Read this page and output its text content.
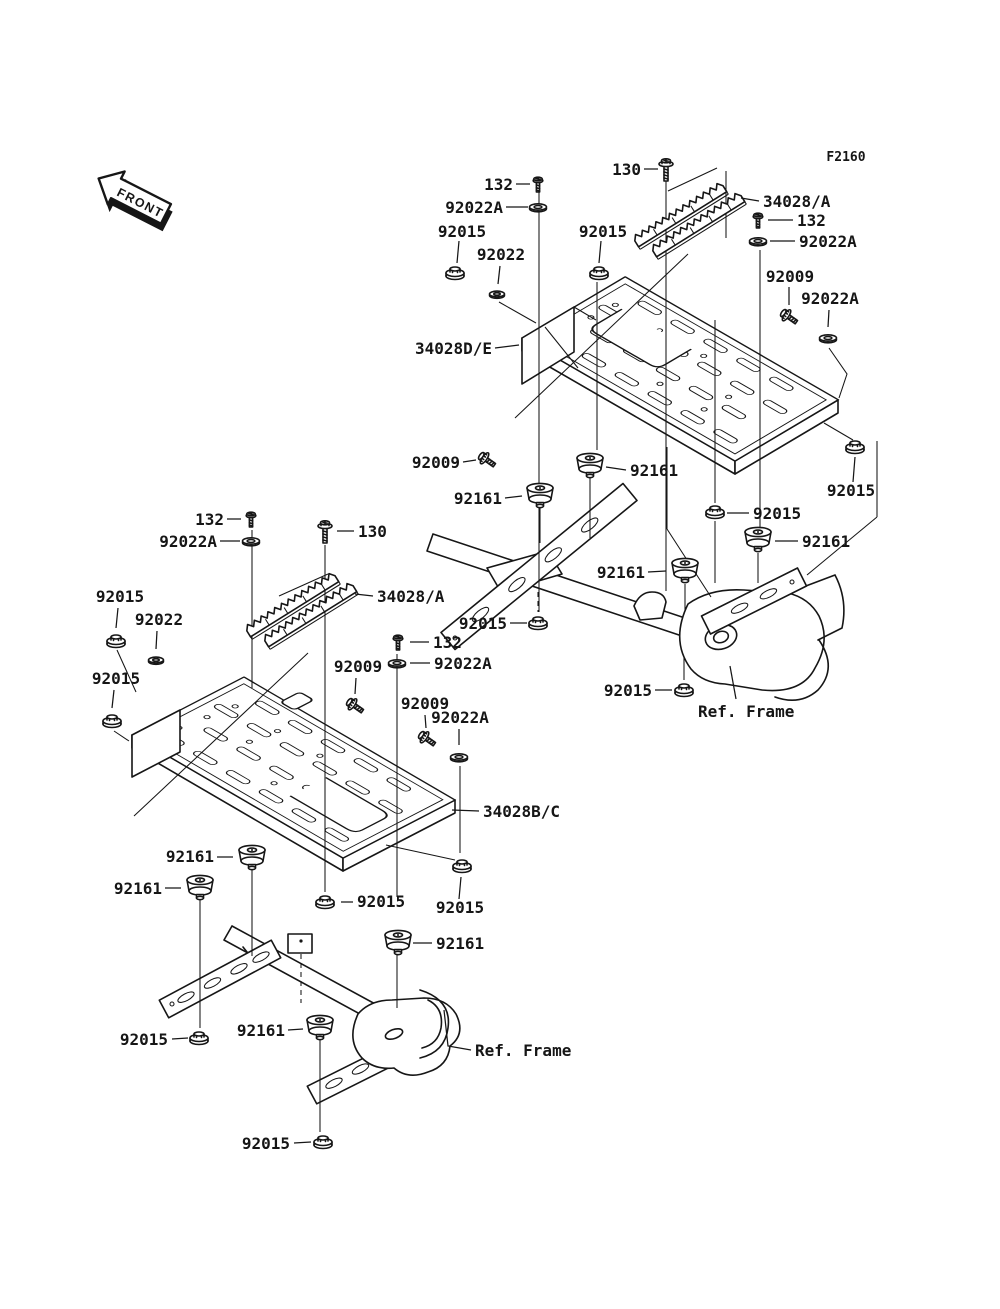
FRONT
F2160
130
132
92022A
92015
92022
92015
34028/A
132
92022A
92009
92022A
34028D/E
92009	92161
92161	92015
92015
92161
92161
92015
92015
Ref. Frame
132
92022A
130
92015
92022
34028/A
92015
132
92022A
92009
92009
92022A
34028B/C
92161
92161
92015 92015
92161
92015	92161
Ref. Frame
92015
